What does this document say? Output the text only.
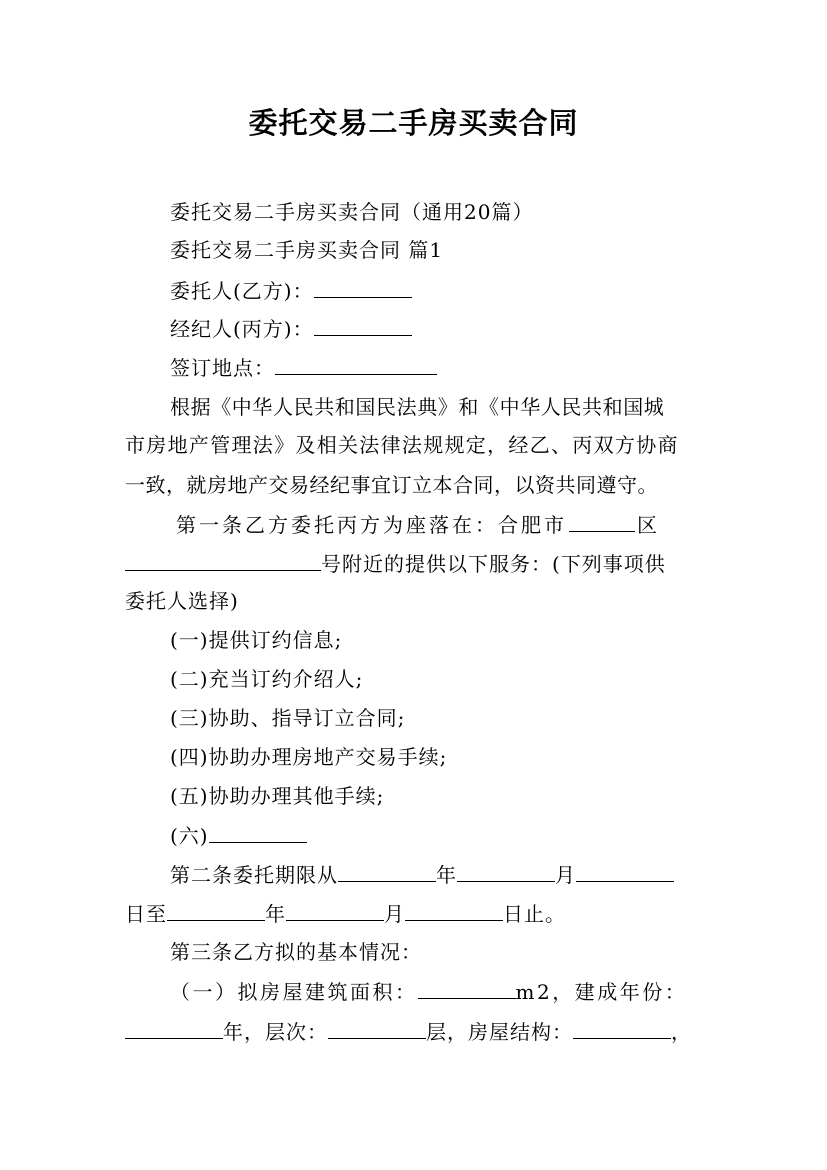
委托交易二手房买卖合同
委托交易二手房买卖合同（通用20篇）
委托交易二手房买卖合同 篇1
委托人(乙方)：
经纪人(丙方)：
签订地点：
根据《中华人民共和国民法典》和《中华人民共和国城
市房地产管理法》及相关法律法规规定，经乙、丙双方协商
一致，就房地产交易经纪事宜订立本合同，以资共同遵守。
第一条乙方委托丙方为座落在：合肥市	区
号附近的提供以下服务：(下列事项供
委托人选择)
(一)提供订约信息;
(二)充当订约介绍人;
(三)协助、指导订立合同;
(四)协助办理房地产交易手续;
(五)协助办理其他手续;
(六)
第二条委托期限从	年	月
日至	年	月	日止。
第三条乙方拟的基本情况：
（一）拟房屋建筑面积：	m2，建成年份：
年，层次：	层，房屋结构：	，
